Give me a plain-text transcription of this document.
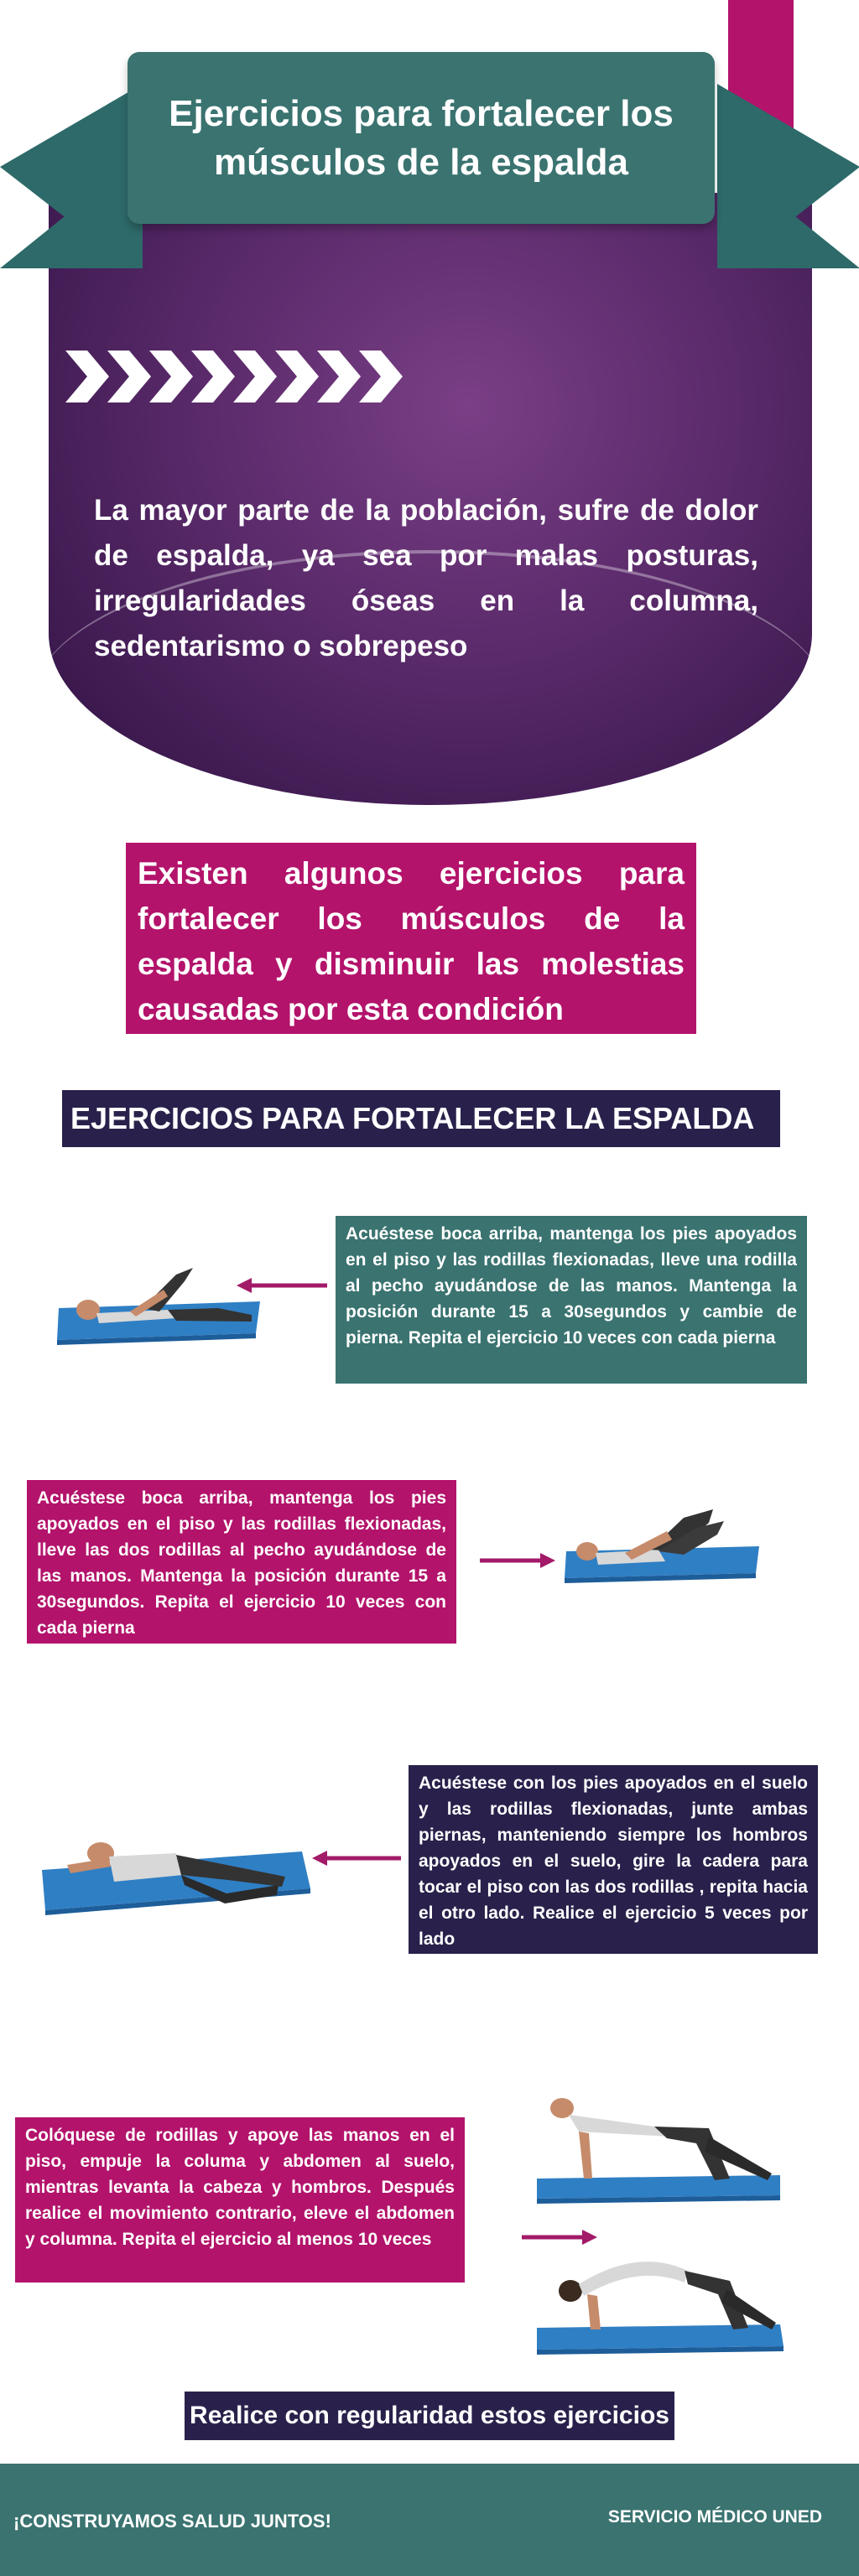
Ejercicios para fortalecer los músculos de la espalda
La mayor parte de la población, sufre de dolor de espalda, ya sea por malas posturas, irregularidades óseas en la columna, sedentarismo o sobrepeso

Existen algunos ejercicios para fortalecer los músculos de la espalda y disminuir las molestias causadas por esta condición

EJERCICIOS PARA FORTALECER LA ESPALDA

Acuéstese boca arriba, mantenga los pies apoyados en el piso y las rodillas flexionadas, lleve una rodilla al pecho ayudándose de las manos. Mantenga la posición durante 15 a 30segundos y cambie de pierna. Repita el ejercicio 10 veces con cada pierna

Acuéstese boca arriba, mantenga los pies apoyados en el piso y las rodillas flexionadas, lleve las dos rodillas al pecho ayudándose de las manos. Mantenga la posición durante 15 a 30segundos. Repita el ejercicio 10 veces con cada pierna

Acuéstese con los pies apoyados en el suelo y las rodillas flexionadas, junte ambas piernas, manteniendo siempre los hombros apoyados en el suelo, gire la cadera para tocar el piso con las dos rodillas , repita hacia el otro lado. Realice el ejercicio 5 veces por lado

Colóquese de rodillas y apoye las manos en el piso, empuje la columa y abdomen al suelo, mientras levanta la cabeza y hombros. Después realice el movimiento contrario, eleve el abdomen y columna. Repita el ejercicio al menos 10 veces

Realice con regularidad estos ejercicios
¡CONSTRUYAMOS SALUD JUNTOS!	SERVICIO MÉDICO UNED
